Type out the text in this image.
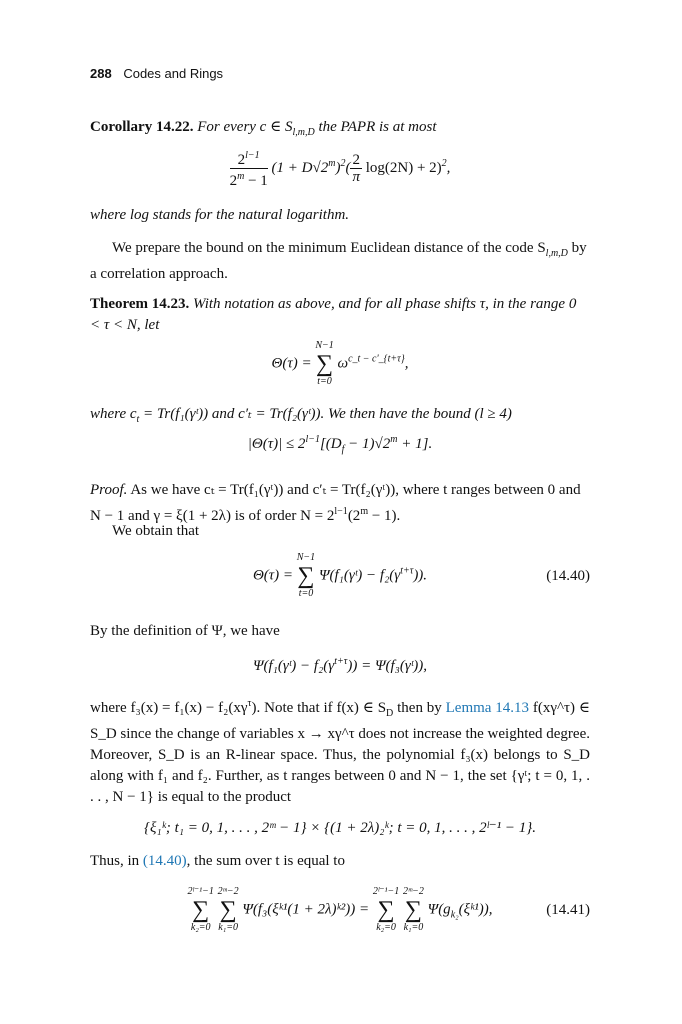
288 Codes and Rings
Corollary 14.22. For every c ∈ $S_{l,m,D}$ the PAPR is at most
$\frac{2^{l-1}}{2^m - 1} (1 + D√2^m)^2( \frac{2}{\pi} \log(2N) + 2)^2$,
where log stands for the natural logarithm.
We prepare the bound on the minimum Euclidean distance of the code $S_{l,m,D}$ by a correlation approach.
Theorem 14.23. With notation as above, and for all phase shifts τ, in the range 0 < τ < N, let
Θ(τ) =
N−1
∑
t=0
$\omega^{c\_t - c'\_\{t+\tau\}}$,
where $c_t$ = Tr(f₁(γᵗ)) and c′ₜ = Tr(f₂(γᵗ)). We then have the bound (l ≥ 4)
$|\Theta(\tau)| \le 2^{l-1}[(D_f - 1)√2^m + 1]$.
Proof. As we have cₜ = Tr(f₁(γᵗ)) and c′ₜ = Tr(f₂(γᵗ)), where t ranges between 0 and N − 1 and γ = ξ(1 + 2λ) is of order $N = 2^{l-1}(2^m - 1)$.
We obtain that
Θ(τ) =
N−1
∑
t=0
Ψ(f₁(γᵗ) − $f_2(\gamma^{t+\tau})$).	(14.40)
By the definition of Ψ, we have
Ψ(f₁(γᵗ) − $f_2(\gamma^{t+\tau})$) = Ψ(f₃(γᵗ)),
where $f_3(x) = f_1(x) - f_2(x\gamma^\tau)$. Note that if f(x) ∈ $S_D$ then by Lemma 14.13 f(xγ^τ) ∈ S_D since the change of variables x → xγ^τ does not increase the weighted degree. Moreover, S_D is an R-linear space. Thus, the polynomial f₃(x) belongs to S_D along with f₁ and f₂. Further, as t ranges between 0 and N − 1, the set {γᵗ; t = 0, 1, . . . , N − 1} is equal to the product
{ξ₁ᵏ; t₁ = 0, 1, . . . , 2ᵐ − 1} × {(1 + 2λ)₂ᵏ; t = 0, 1, . . . , 2ˡ⁻¹ − 1}.
Thus, in (14.40), the sum over t is equal to
2ˡ⁻¹−1
∑
k₂=0

2ᵐ−2
∑
k₁=0
Ψ(f₃(ξᵏ¹(1 + 2λ)ᵏ²)) =
2ˡ⁻¹−1
∑
k₂=0

2ᵐ−2
∑
k₁=0
$\Psi(g_{k_2}(\xi ᵏ^1))$,	(14.41)
